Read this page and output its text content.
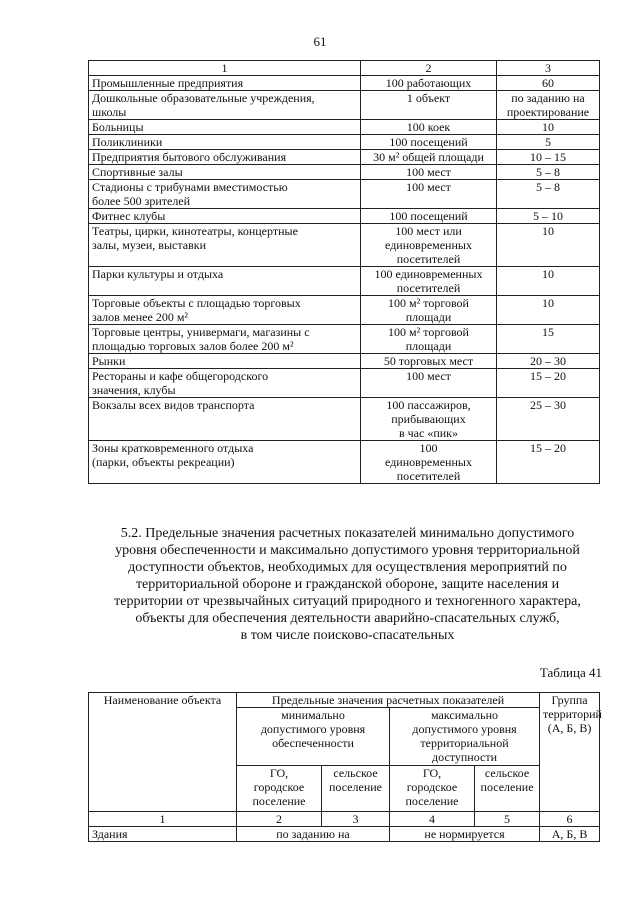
61
1	2	3

Промышленные предприятия	100 работающих	60

Дошкольные образовательные учреждения,
школы	1 объект	по заданию на
проектирование

Больницы	100 коек	10

Поликлиники	100 посещений	5

Предприятия бытового обслуживания	30 м² общей площади	10 – 15

Спортивные залы	100 мест	5 – 8

Стадионы с трибунами вместимостью
более 500 зрителей	100 мест	5 – 8

Фитнес клубы	100 посещений	5 – 10

Театры, цирки, кинотеатры, концертные
залы, музеи, выставки	100 мест или
единовременных
посетителей	10

Парки культуры и отдыха	100 единовременных
посетителей	10

Торговые объекты с площадью торговых
залов менее 200 м²	100 м² торговой
площади	10

Торговые центры, универмаги, магазины с
площадью торговых залов более 200 м²	100 м² торговой
площади	15

Рынки	50 торговых мест	20 – 30

Рестораны и кафе общегородского
значения, клубы	100 мест	15 – 20

Вокзалы всех видов транспорта	100 пассажиров,
прибывающих
в час «пик»	25 – 30

Зоны кратковременного отдыха
(парки, объекты рекреации)	100
единовременных
посетителей	15 – 20
5.2. Предельные значения расчетных показателей минимально допустимого
уровня обеспеченности и максимально допустимого уровня территориальной
доступности объектов, необходимых для осуществления мероприятий по
территориальной обороне и гражданской обороне, защите населения и
территории от чрезвычайных ситуаций природного и техногенного характера,
объекты для обеспечения деятельности аварийно-спасательных служб,
в том числе поисково-спасательных
Таблица 41
Наименование объекта	Предельные значения расчетных показателей				Группа
территорий
(А, Б, В)

	минимально
допустимого уровня
обеспеченности		максимально
допустимого уровня
территориальной
доступности		

	ГО,
городское
поселение	сельское
поселение	ГО,
городское
поселение	сельское
поселение	

1	2	3	4	5	6
Здания	по заданию на		не нормируется		А, Б, В
